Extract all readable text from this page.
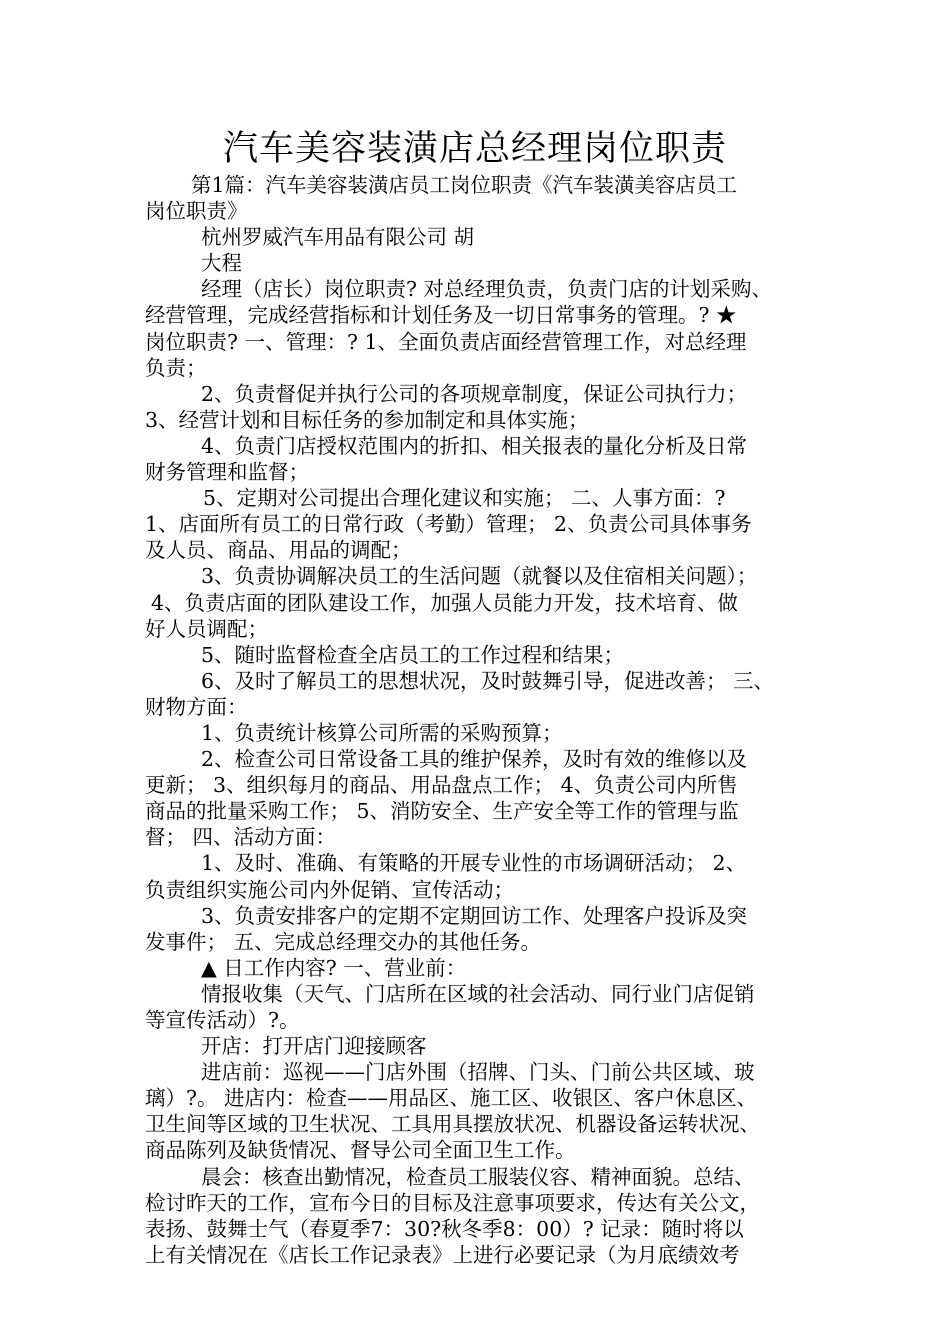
汽车美容装潢店总经理岗位职责
第1篇：汽车美容装潢店员工岗位职责《汽车装潢美容店员工
岗位职责》
杭州罗威汽车用品有限公司 胡
大程
经理（店长）岗位职责? 对总经理负责，负责门店的计划采购、
经营管理，完成经营指标和计划任务及一切日常事务的管理。? ★
岗位职责? 一、管理：? 1、全面负责店面经营管理工作，对总经理
负责；
2、负责督促并执行公司的各项规章制度，保证公司执行力；
3、经营计划和目标任务的参加制定和具体实施；
4、负责门店授权范围内的折扣、相关报表的量化分析及日常
财务管理和监督；
5、定期对公司提出合理化建议和实施； 二、人事方面：?
1、店面所有员工的日常行政（考勤）管理； 2、负责公司具体事务
及人员、商品、用品的调配；
3、负责协调解决员工的生活问题（就餐以及住宿相关问题）；
4、负责店面的团队建设工作，加强人员能力开发，技术培育、做
好人员调配；
5、随时监督检查全店员工的工作过程和结果；
6、及时了解员工的思想状况，及时鼓舞引导，促进改善； 三、
财物方面：
1、负责统计核算公司所需的采购预算；
2、检查公司日常设备工具的维护保养，及时有效的维修以及
更新； 3、组织每月的商品、用品盘点工作； 4、负责公司内所售
商品的批量采购工作； 5、消防安全、生产安全等工作的管理与监
督； 四、活动方面：
1、及时、准确、有策略的开展专业性的市场调研活动； 2、
负责组织实施公司内外促销、宣传活动；
3、负责安排客户的定期不定期回访工作、处理客户投诉及突
发事件； 五、完成总经理交办的其他任务。
▲ 日工作内容? 一、营业前：
情报收集（天气、门店所在区域的社会活动、同行业门店促销
等宣传活动）?。
开店：打开店门迎接顾客
进店前：巡视——门店外围（招牌、门头、门前公共区域、玻
璃）?。 进店内：检查——用品区、施工区、收银区、客户休息区、
卫生间等区域的卫生状况、工具用具摆放状况、机器设备运转状况、
商品陈列及缺货情况、督导公司全面卫生工作。
晨会：核查出勤情况，检查员工服装仪容、精神面貌。总结、
检讨昨天的工作，宣布今日的目标及注意事项要求，传达有关公文，
表扬、鼓舞士气（春夏季7：30?秋冬季8：00）? 记录：随时将以
上有关情况在《店长工作记录表》上进行必要记录（为月底绩效考
